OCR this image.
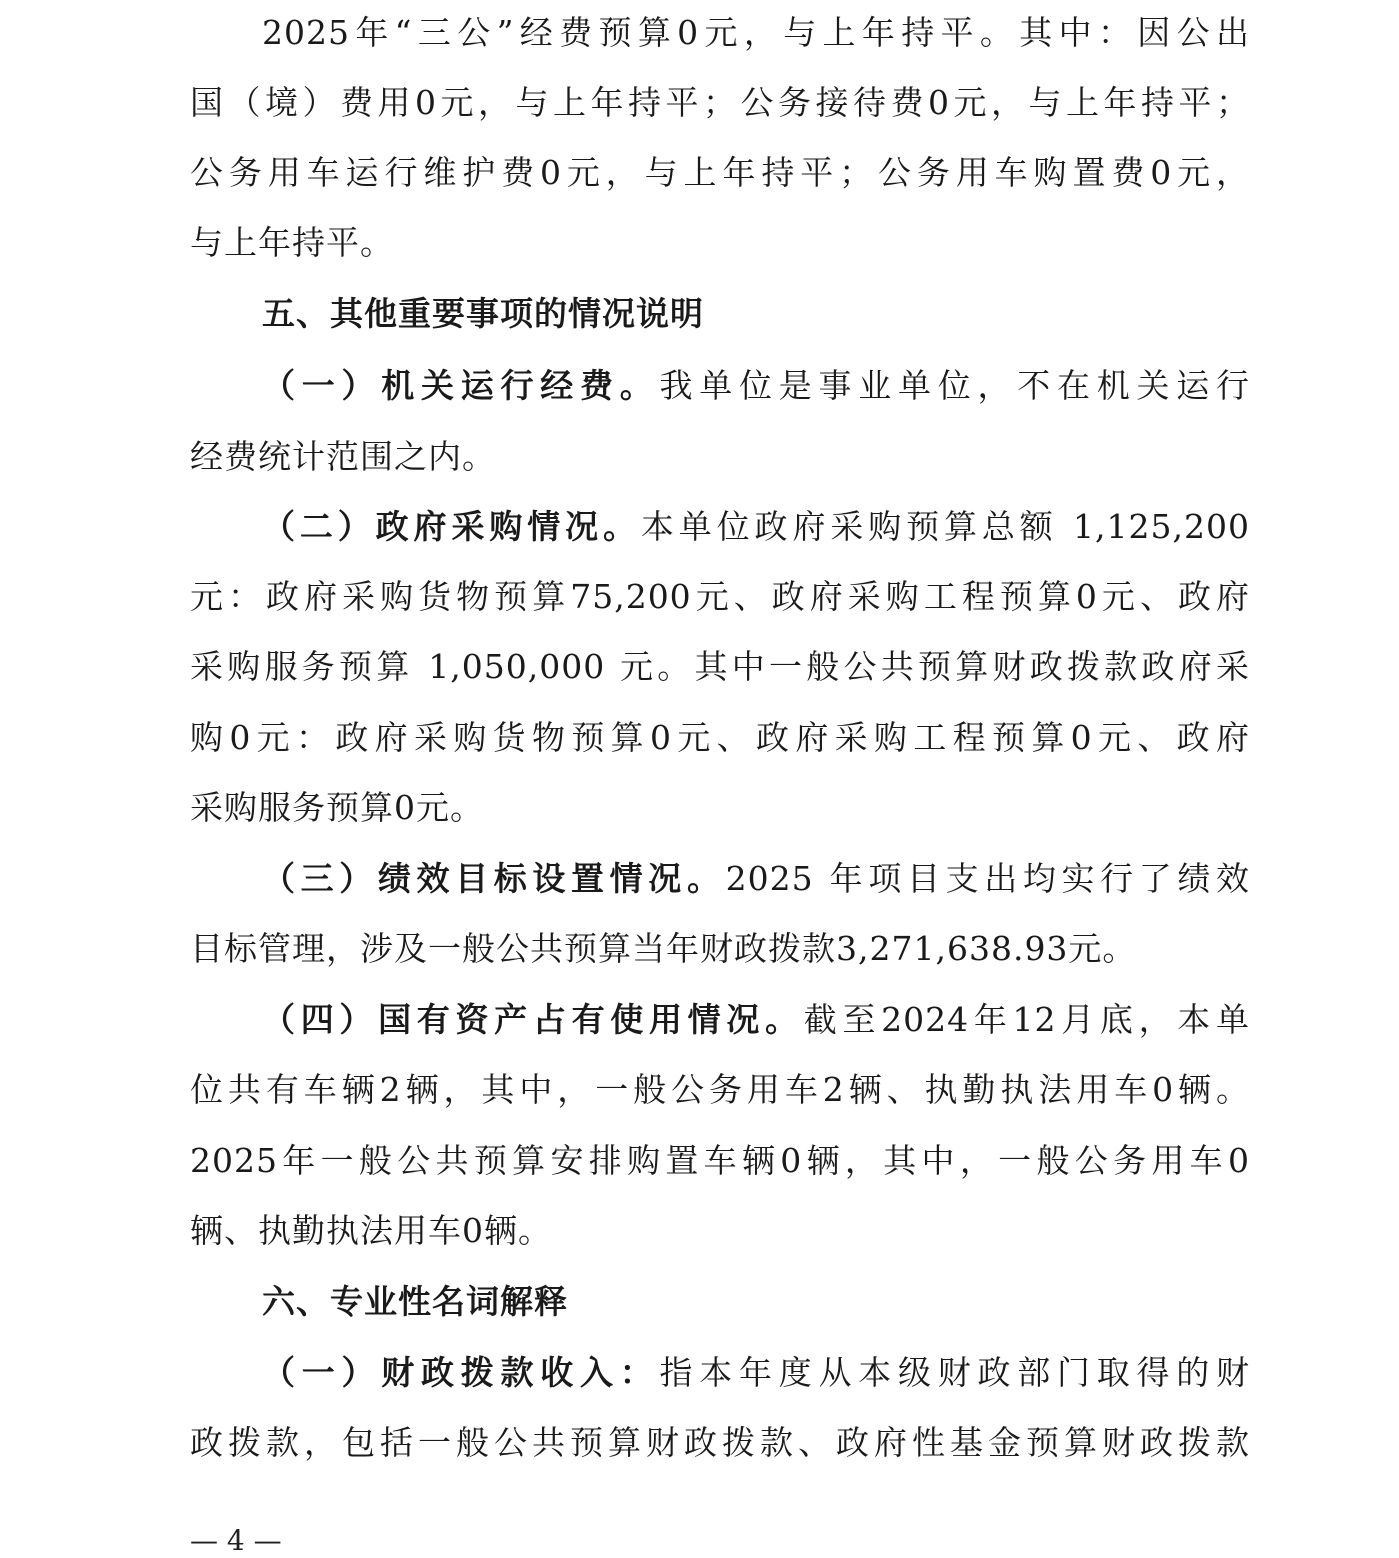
2025年“三公”经费预算0元，与上年持平。其中：因公出
国（境）费用0元，与上年持平；公务接待费0元，与上年持平；
公务用车运行维护费0元，与上年持平；公务用车购置费0元，
与上年持平。
五、其他重要事项的情况说明
（一）机关运行经费。我单位是事业单位，不在机关运行
经费统计范围之内。
（二）政府采购情况。本单位政府采购预算总额 1,125,200
元：政府采购货物预算75,200元、政府采购工程预算0元、政府
采购服务预算 1,050,000 元。其中一般公共预算财政拨款政府采
购0元：政府采购货物预算0元、政府采购工程预算0元、政府
采购服务预算0元。
（三）绩效目标设置情况。2025 年项目支出均实行了绩效
目标管理，涉及一般公共预算当年财政拨款3,271,638.93元。
（四）国有资产占有使用情况。截至2024年12月底，本单
位共有车辆2辆，其中，一般公务用车2辆、执勤执法用车0辆。
2025年一般公共预算安排购置车辆0辆，其中，一般公务用车0
辆、执勤执法用车0辆。
六、专业性名词解释
（一）财政拨款收入：指本年度从本级财政部门取得的财
政拨款，包括一般公共预算财政拨款、政府性基金预算财政拨款
— 4 —
